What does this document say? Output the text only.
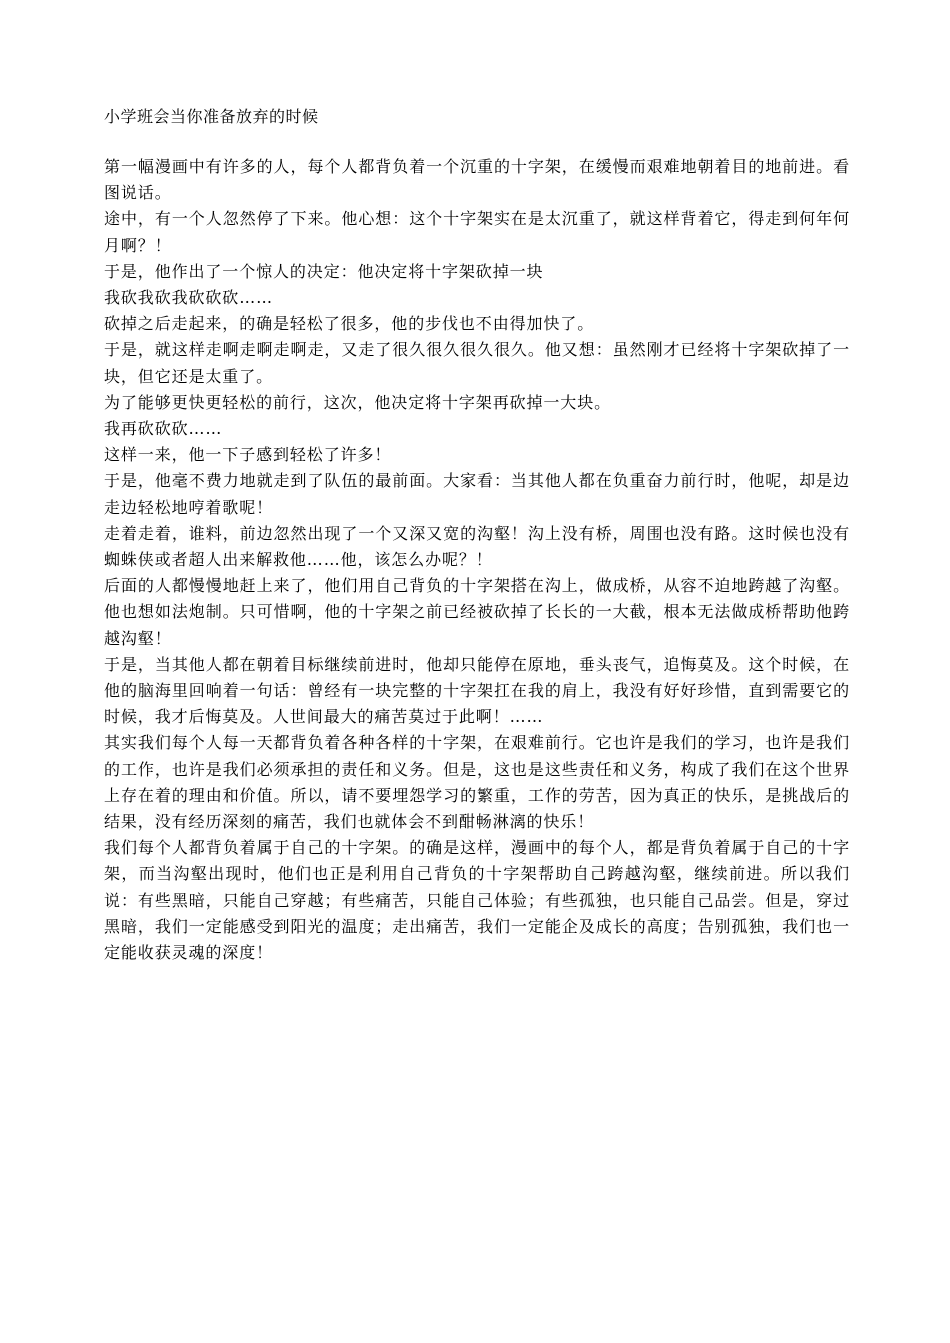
小学班会当你准备放弃的时候

第一幅漫画中有许多的人，每个人都背负着一个沉重的十字架，在缓慢而艰难地朝着目的地前进。看图说话。

途中，有一个人忽然停了下来。他心想：这个十字架实在是太沉重了，就这样背着它，得走到何年何月啊？！

于是，他作出了一个惊人的决定：他决定将十字架砍掉一块

我砍我砍我砍砍砍……

砍掉之后走起来，的确是轻松了很多，他的步伐也不由得加快了。

于是，就这样走啊走啊走啊走，又走了很久很久很久很久。他又想：虽然刚才已经将十字架砍掉了一块，但它还是太重了。

为了能够更快更轻松的前行，这次，他决定将十字架再砍掉一大块。

我再砍砍砍……

这样一来，他一下子感到轻松了许多！

于是，他毫不费力地就走到了队伍的最前面。大家看：当其他人都在负重奋力前行时，他呢，却是边走边轻松地哼着歌呢！

走着走着，谁料，前边忽然出现了一个又深又宽的沟壑！沟上没有桥，周围也没有路。这时候也没有蜘蛛侠或者超人出来解救他……他，该怎么办呢？！

后面的人都慢慢地赶上来了，他们用自己背负的十字架搭在沟上，做成桥，从容不迫地跨越了沟壑。他也想如法炮制。只可惜啊，他的十字架之前已经被砍掉了长长的一大截，根本无法做成桥帮助他跨越沟壑！

于是，当其他人都在朝着目标继续前进时，他却只能停在原地，垂头丧气，追悔莫及。这个时候，在他的脑海里回响着一句话：曾经有一块完整的十字架扛在我的肩上，我没有好好珍惜，直到需要它的时候，我才后悔莫及。人世间最大的痛苦莫过于此啊！……

其实我们每个人每一天都背负着各种各样的十字架，在艰难前行。它也许是我们的学习，也许是我们的工作，也许是我们必须承担的责任和义务。但是，这也是这些责任和义务，构成了我们在这个世界上存在着的理由和价值。所以，请不要埋怨学习的繁重，工作的劳苦，因为真正的快乐，是挑战后的结果，没有经历深刻的痛苦，我们也就体会不到酣畅淋漓的快乐！

我们每个人都背负着属于自己的十字架。的确是这样，漫画中的每个人，都是背负着属于自己的十字架，而当沟壑出现时，他们也正是利用自己背负的十字架帮助自己跨越沟壑，继续前进。所以我们说：有些黑暗，只能自己穿越；有些痛苦，只能自己体验；有些孤独，也只能自己品尝。但是，穿过黑暗，我们一定能感受到阳光的温度；走出痛苦，我们一定能企及成长的高度；告别孤独，我们也一定能收获灵魂的深度！
